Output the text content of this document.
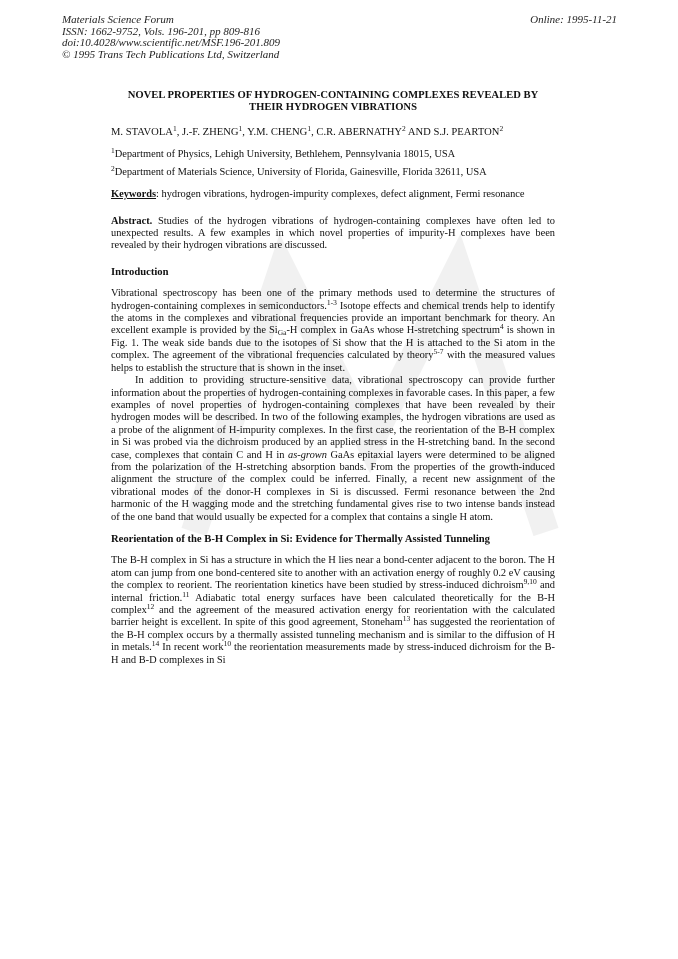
Materials Science Forum
ISSN: 1662-9752, Vols. 196-201, pp 809-816
doi:10.4028/www.scientific.net/MSF.196-201.809
© 1995 Trans Tech Publications Ltd, Switzerland
Online: 1995-11-21
NOVEL PROPERTIES OF HYDROGEN-CONTAINING COMPLEXES REVEALED BY
THEIR HYDROGEN VIBRATIONS
M. STAVOLA$^1$, J.-F. ZHENG$^1$, Y.M. CHENG$^1$, C.R. ABERNATHY$^2$ AND S.J. PEARTON$^2$
$^1$Department of Physics, Lehigh University, Bethlehem, Pennsylvania 18015, USA
$^2$Department of Materials Science, University of Florida, Gainesville, Florida 32611, USA
Keywords: hydrogen vibrations, hydrogen-impurity complexes, defect alignment, Fermi resonance

Abstract. Studies of the hydrogen vibrations of hydrogen-containing complexes have often led to unexpected results. A few examples in which novel properties of impurity-H complexes have been revealed by their hydrogen vibrations are discussed.

Introduction

Vibrational spectroscopy has been one of the primary methods used to determine the structures of hydrogen-containing complexes in semiconductors.$^{1-3}$ Isotope effects and chemical trends help to identify the atoms in the complexes and vibrational frequencies provide an important benchmark for theory. An excellent example is provided by the $Si_{Ga}-H$ complex in GaAs whose H-stretching spectrum$^4$ is shown in Fig. 1. The weak side bands due to the isotopes of Si show that the H is attached to the Si atom in the complex. The agreement of the vibrational frequencies calculated by theory$^{5-7}$ with the measured values helps to establish the structure that is shown in the inset.

In addition to providing structure-sensitive data, vibrational spectroscopy can provide further information about the properties of hydrogen-containing complexes in favorable cases. In this paper, a few examples of novel properties of hydrogen-containing complexes that have been revealed by their hydrogen modes will be described. In two of the following examples, the hydrogen vibrations are used as a probe of the alignment of H-impurity complexes. In the first case, the reorientation of the B-H complex in Si was probed via the dichroism produced by an applied stress in the H-stretching band. In the second case, complexes that contain C and H in as-grown GaAs epitaxial layers were determined to be aligned from the polarization of the H-stretching absorption bands. From the properties of the growth-induced alignment the structure of the complex could be inferred. Finally, a recent new assignment of the vibrational modes of the donor-H complexes in Si is discussed. Fermi resonance between the 2nd harmonic of the H wagging mode and the stretching fundamental gives rise to two intense bands instead of the one band that would usually be expected for a complex that contains a single H atom.

Reorientation of the B-H Complex in Si: Evidence for Thermally Assisted Tunneling

The B-H complex in Si has a structure in which the H lies near a bond-center adjacent to the boron. The H atom can jump from one bond-centered site to another with an activation energy of roughly 0.2 eV causing the complex to reorient. The reorientation kinetics have been studied by stress-induced dichroism$^{9,10}$ and internal friction.$^{11}$ Adiabatic total energy surfaces have been calculated theoretically for the B-H complex$^{12}$ and the agreement of the measured activation energy for reorientation with the calculated barrier height is excellent. In spite of this good agreement, Stoneham$^{13}$ has suggested the reorientation of the B-H complex occurs by a thermally assisted tunneling mechanism and is similar to the diffusion of H in metals.$^{14}$ In recent work$^{10}$ the reorientation measurements made by stress-induced dichroism for the B-H and B-D complexes in Si
